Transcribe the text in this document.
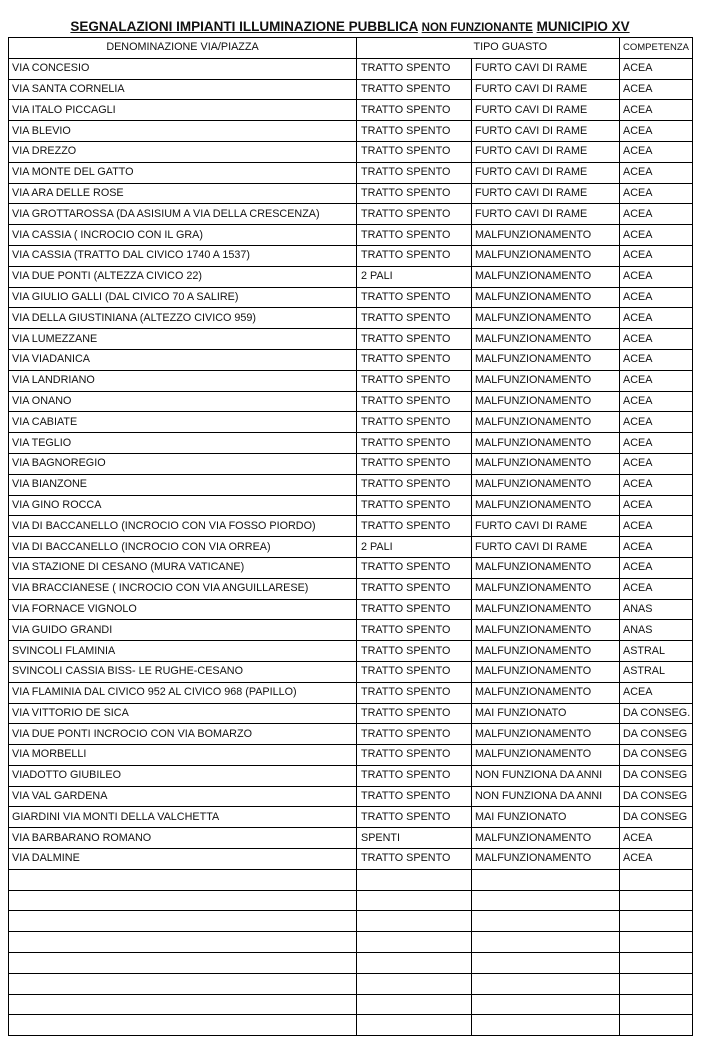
SEGNALAZIONI IMPIANTI ILLUMINAZIONE PUBBLICA NON FUNZIONANTE MUNICIPIO XV
DENOMINAZIONE VIA/PIAZZA		TIPO GUASTO	COMPETENZA
VIA CONCESIO	TRATTO SPENTO	FURTO CAVI DI RAME	ACEA
VIA SANTA CORNELIA	TRATTO SPENTO	FURTO CAVI DI RAME	ACEA
VIA ITALO PICCAGLI	TRATTO SPENTO	FURTO CAVI DI RAME	ACEA
VIA BLEVIO	TRATTO SPENTO	FURTO CAVI DI RAME	ACEA
VIA DREZZO	TRATTO SPENTO	FURTO CAVI DI RAME	ACEA
VIA MONTE DEL GATTO	TRATTO SPENTO	FURTO CAVI DI RAME	ACEA
VIA ARA DELLE ROSE	TRATTO SPENTO	FURTO CAVI DI RAME	ACEA
VIA GROTTAROSSA (DA ASISIUM A VIA DELLA CRESCENZA)	TRATTO SPENTO	FURTO CAVI DI RAME	ACEA
VIA CASSIA ( INCROCIO CON IL GRA)	TRATTO SPENTO	MALFUNZIONAMENTO	ACEA
VIA CASSIA (TRATTO DAL CIVICO 1740 A 1537)	TRATTO SPENTO	MALFUNZIONAMENTO	ACEA
VIA DUE PONTI (ALTEZZA CIVICO 22)	2 PALI	MALFUNZIONAMENTO	ACEA
VIA GIULIO GALLI (DAL CIVICO 70 A SALIRE)	TRATTO SPENTO	MALFUNZIONAMENTO	ACEA
VIA DELLA GIUSTINIANA (ALTEZZO CIVICO 959)	TRATTO SPENTO	MALFUNZIONAMENTO	ACEA
VIA LUMEZZANE	TRATTO SPENTO	MALFUNZIONAMENTO	ACEA
VIA VIADANICA	TRATTO SPENTO	MALFUNZIONAMENTO	ACEA
VIA LANDRIANO	TRATTO SPENTO	MALFUNZIONAMENTO	ACEA
VIA ONANO	TRATTO SPENTO	MALFUNZIONAMENTO	ACEA
VIA CABIATE	TRATTO SPENTO	MALFUNZIONAMENTO	ACEA
VIA TEGLIO	TRATTO SPENTO	MALFUNZIONAMENTO	ACEA
VIA BAGNOREGIO	TRATTO SPENTO	MALFUNZIONAMENTO	ACEA
VIA BIANZONE	TRATTO SPENTO	MALFUNZIONAMENTO	ACEA
VIA GINO ROCCA	TRATTO SPENTO	MALFUNZIONAMENTO	ACEA
VIA DI BACCANELLO (INCROCIO CON VIA FOSSO PIORDO)	TRATTO SPENTO	FURTO CAVI DI RAME	ACEA
VIA DI BACCANELLO (INCROCIO CON VIA ORREA)	2 PALI	FURTO CAVI DI RAME	ACEA
VIA STAZIONE DI CESANO (MURA VATICANE)	TRATTO SPENTO	MALFUNZIONAMENTO	ACEA
VIA BRACCIANESE ( INCROCIO CON VIA ANGUILLARESE)	TRATTO SPENTO	MALFUNZIONAMENTO	ACEA
VIA FORNACE VIGNOLO	TRATTO SPENTO	MALFUNZIONAMENTO	ANAS
VIA GUIDO GRANDI	TRATTO SPENTO	MALFUNZIONAMENTO	ANAS
SVINCOLI FLAMINIA	TRATTO SPENTO	MALFUNZIONAMENTO	ASTRAL
SVINCOLI CASSIA BISS- LE RUGHE-CESANO	TRATTO SPENTO	MALFUNZIONAMENTO	ASTRAL
VIA FLAMINIA DAL CIVICO 952 AL CIVICO 968 (PAPILLO)	TRATTO SPENTO	MALFUNZIONAMENTO	ACEA
VIA VITTORIO DE SICA	TRATTO SPENTO	MAI FUNZIONATO	DA CONSEG.
VIA DUE PONTI INCROCIO CON VIA BOMARZO	TRATTO SPENTO	MALFUNZIONAMENTO	DA CONSEG
VIA MORBELLI	TRATTO SPENTO	MALFUNZIONAMENTO	DA CONSEG
VIADOTTO GIUBILEO	TRATTO SPENTO	NON FUNZIONA DA ANNI	DA CONSEG
VIA VAL GARDENA	TRATTO SPENTO	NON FUNZIONA DA ANNI	DA CONSEG
GIARDINI VIA MONTI DELLA VALCHETTA	TRATTO SPENTO	MAI FUNZIONATO	DA CONSEG
VIA BARBARANO ROMANO	SPENTI	MALFUNZIONAMENTO	ACEA
VIA DALMINE	TRATTO SPENTO	MALFUNZIONAMENTO	ACEA
